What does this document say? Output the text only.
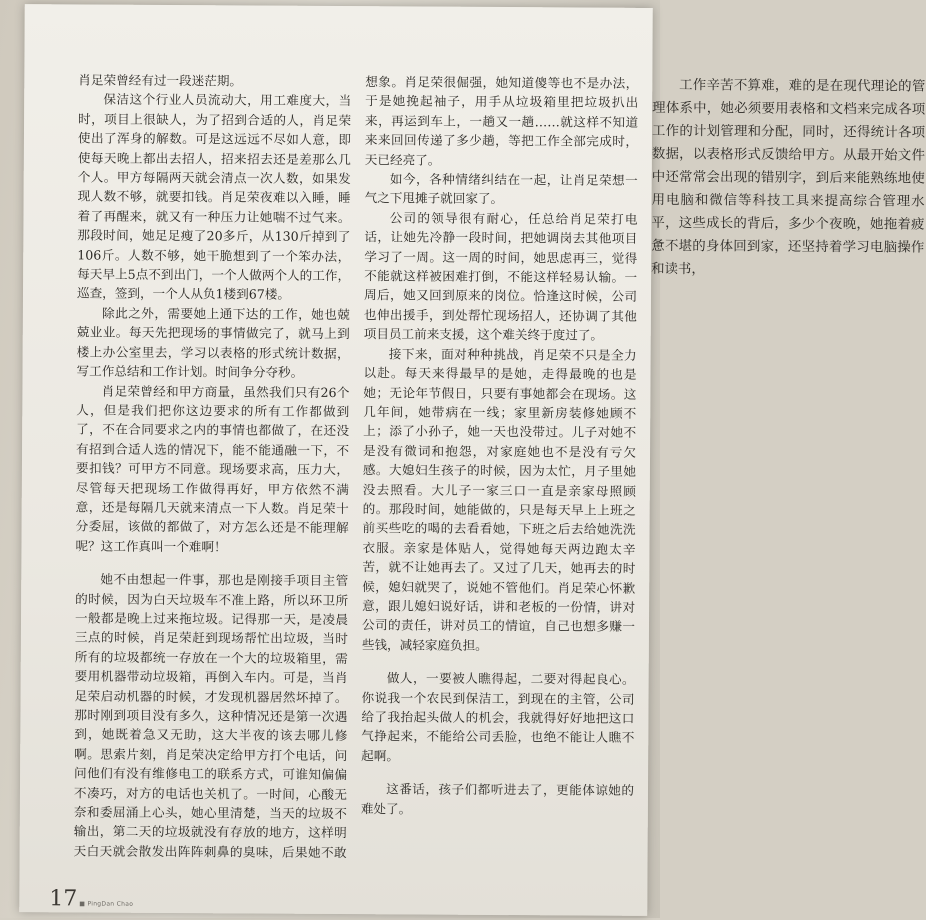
肖足荣曾经有过一段迷茫期。

保洁这个行业人员流动大，用工难度大，当时，项目上很缺人，为了招到合适的人，肖足荣使出了浑身的解数。可是这远远不尽如人意，即使每天晚上都出去招人，招来招去还是差那么几个人。甲方每隔两天就会清点一次人数，如果发现人数不够，就要扣钱。肖足荣夜难以入睡，睡着了再醒来，就又有一种压力让她喘不过气来。那段时间，她足足瘦了20多斤，从130斤掉到了106斤。人数不够，她干脆想到了一个笨办法，每天早上5点不到出门，一个人做两个人的工作，巡查，签到，一个人从负1楼到67楼。

除此之外，需要她上通下达的工作，她也兢兢业业。每天先把现场的事情做完了，就马上到楼上办公室里去，学习以表格的形式统计数据，写工作总结和工作计划。时间争分夺秒。

肖足荣曾经和甲方商量，虽然我们只有26个人，但是我们把你这边要求的所有工作都做到了，不在合同要求之内的事情也都做了，在还没有招到合适人选的情况下，能不能通融一下，不要扣钱？可甲方不同意。现场要求高，压力大，尽管每天把现场工作做得再好，甲方依然不满意，还是每隔几天就来清点一下人数。肖足荣十分委屈，该做的都做了，对方怎么还是不能理解呢？这工作真叫一个难啊！

她不由想起一件事，那也是刚接手项目主管的时候，因为白天垃圾车不准上路，所以环卫所一般都是晚上过来拖垃圾。记得那一天，是凌晨三点的时候，肖足荣赶到现场帮忙出垃圾，当时所有的垃圾都统一存放在一个大的垃圾箱里，需要用机器带动垃圾箱，再倒入车内。可是，当肖足荣启动机器的时候，才发现机器居然坏掉了。那时刚到项目没有多久，这种情况还是第一次遇到，她既着急又无助，这大半夜的该去哪儿修啊。思索片刻，肖足荣决定给甲方打个电话，问问他们有没有维修电工的联系方式，可谁知偏偏不凑巧，对方的电话也关机了。一时间，心酸无奈和委屈涌上心头，她心里清楚，当天的垃圾不输出，第二天的垃圾就没有存放的地方，这样明天白天就会散发出阵阵刺鼻的臭味，后果她不敢想象。肖足荣很倔强，她知道傻等也不是办法，于是她挽起袖子，用手从垃圾箱里把垃圾扒出来，再运到车上，一趟又一趟……就这样不知道来来回回传递了多少趟，等把工作全部完成时，天已经亮了。

如今，各种情绪纠结在一起，让肖足荣想一气之下甩摊子就回家了。

公司的领导很有耐心，任总给肖足荣打电话，让她先冷静一段时间，把她调岗去其他项目学习了一周。这一周的时间，她思虑再三，觉得不能就这样被困难打倒，不能这样轻易认输。一周后，她又回到原来的岗位。恰逢这时候，公司也伸出援手，到处帮忙现场招人，还协调了其他项目员工前来支援，这个难关终于度过了。

接下来，面对种种挑战，肖足荣不只是全力以赴。每天来得最早的是她，走得最晚的也是她；无论年节假日，只要有事她都会在现场。这几年间，她带病在一线；家里新房装修她顾不上；添了小孙子，她一天也没带过。儿子对她不是没有微词和抱怨，对家庭她也不是没有亏欠感。大媳妇生孩子的时候，因为太忙，月子里她没去照看。大儿子一家三口一直是亲家母照顾的。那段时间，她能做的，只是每天早上上班之前买些吃的喝的去看看她，下班之后去给她洗洗衣服。亲家是体贴人，觉得她每天两边跑太辛苦，就不让她再去了。又过了几天，她再去的时候，媳妇就哭了，说她不管他们。肖足荣心怀歉意，跟儿媳妇说好话，讲和老板的一份情，讲对公司的责任，讲对员工的情谊，自己也想多赚一些钱，减轻家庭负担。

做人，一要被人瞧得起，二要对得起良心。你说我一个农民到保洁工，到现在的主管，公司给了我抬起头做人的机会，我就得好好地把这口气挣起来，不能给公司丢脸，也绝不能让人瞧不起啊。

这番话，孩子们都听进去了，更能体谅她的难处了。

工作辛苦不算难，难的是在现代理论的管理体系中，她必须要用表格和文档来完成各项工作的计划管理和分配，同时，还得统计各项数据，以表格形式反馈给甲方。从最开始文件中还常常会出现的错别字，到后来能熟练地使用电脑和微信等科技工具来提高综合管理水平，这些成长的背后，多少个夜晚，她拖着疲惫不堪的身体回到家，还坚持着学习电脑操作和读书，

17 ■ PingDan Chao
